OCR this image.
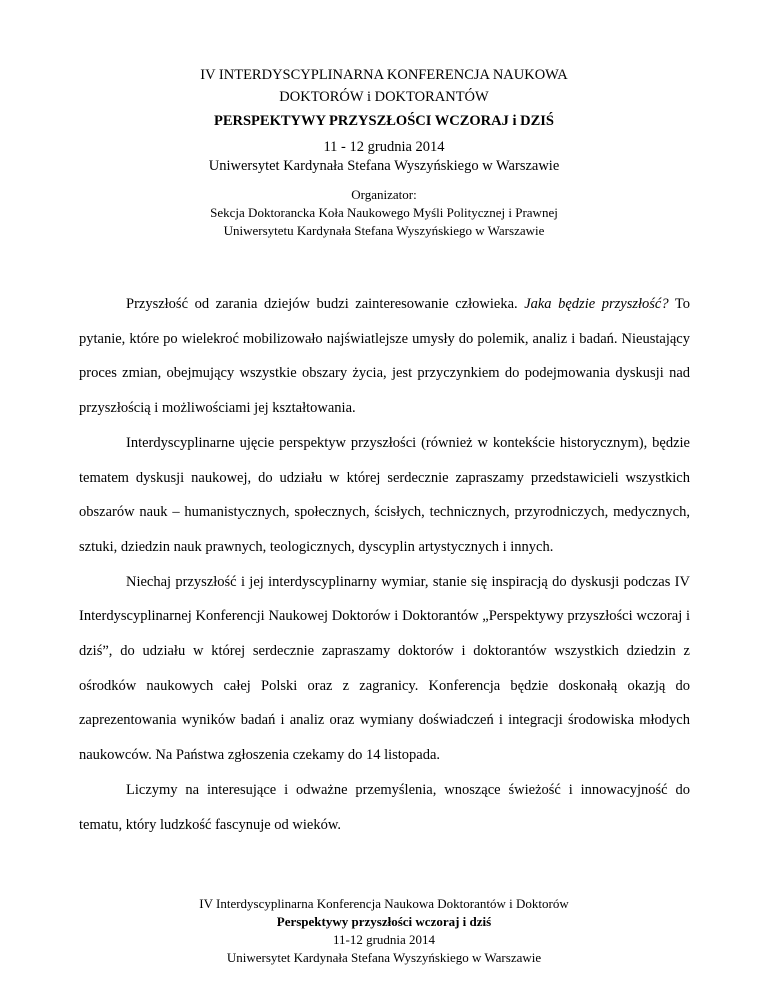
IV INTERDYSCYPLINARNA KONFERENCJA NAUKOWA
DOKTORÓW i DOKTORANTÓW
PERSPEKTYWY PRZYSZŁOŚCI WCZORAJ i DZIŚ
11 - 12 grudnia 2014
Uniwersytet Kardynała Stefana Wyszyńskiego w Warszawie
Organizator:
Sekcja Doktorancka Koła Naukowego Myśli Politycznej i Prawnej
Uniwersytetu Kardynała Stefana Wyszyńskiego w Warszawie

Przyszłość od zarania dziejów budzi zainteresowanie człowieka. Jaka będzie przyszłość? To pytanie, które po wielekroć mobilizowało najświatlejsze umysły do polemik, analiz i badań. Nieustający proces zmian, obejmujący wszystkie obszary życia, jest przyczynkiem do podejmowania dyskusji nad przyszłością i możliwościami jej kształtowania.

Interdyscyplinarne ujęcie perspektyw przyszłości (również w kontekście historycznym), będzie tematem dyskusji naukowej, do udziału w której serdecznie zapraszamy przedstawicieli wszystkich obszarów nauk – humanistycznych, społecznych, ścisłych, technicznych, przyrodniczych, medycznych, sztuki, dziedzin nauk prawnych, teologicznych, dyscyplin artystycznych i innych.

Niechaj przyszłość i jej interdyscyplinarny wymiar, stanie się inspiracją do dyskusji podczas IV Interdyscyplinarnej Konferencji Naukowej Doktorów i Doktorantów „Perspektywy przyszłości wczoraj i dziś”, do udziału w której serdecznie zapraszamy doktorów i doktorantów wszystkich dziedzin z ośrodków naukowych całej Polski oraz z zagranicy. Konferencja będzie doskonałą okazją do zaprezentowania wyników badań i analiz oraz wymiany doświadczeń i integracji środowiska młodych naukowców. Na Państwa zgłoszenia czekamy do 14 listopada.

Liczymy na interesujące i odważne przemyślenia, wnoszące świeżość i innowacyjność do tematu, który ludzkość fascynuje od wieków.

IV Interdyscyplinarna Konferencja Naukowa Doktorantów i Doktorów
Perspektywy przyszłości wczoraj i dziś
11-12 grudnia 2014
Uniwersytet Kardynała Stefana Wyszyńskiego w Warszawie
